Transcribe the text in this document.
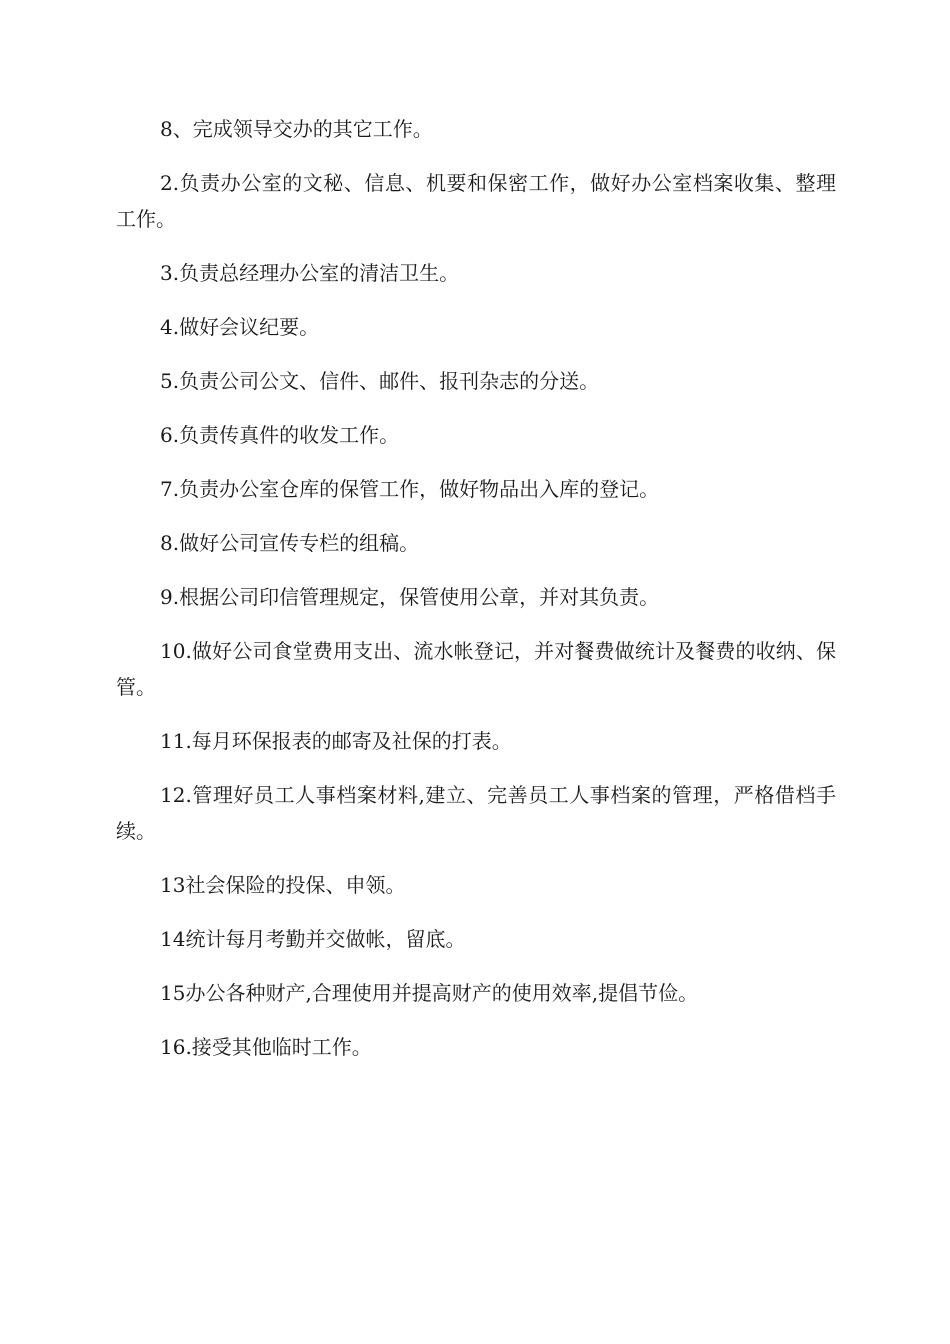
8、完成领导交办的其它工作。

2.负责办公室的文秘、信息、机要和保密工作，做好办公室档案收集、整理工作。

3.负责总经理办公室的清洁卫生。

4.做好会议纪要。

5.负责公司公文、信件、邮件、报刊杂志的分送。

6.负责传真件的收发工作。

7.负责办公室仓库的保管工作，做好物品出入库的登记。

8.做好公司宣传专栏的组稿。

9.根据公司印信管理规定，保管使用公章，并对其负责。

10.做好公司食堂费用支出、流水帐登记，并对餐费做统计及餐费的收纳、保管。

11.每月环保报表的邮寄及社保的打表。

12.管理好员工人事档案材料,建立、完善员工人事档案的管理，严格借档手续。

13社会保险的投保、申领。

14统计每月考勤并交做帐，留底。

15办公各种财产,合理使用并提高财产的使用效率,提倡节俭。

16.接受其他临时工作。
